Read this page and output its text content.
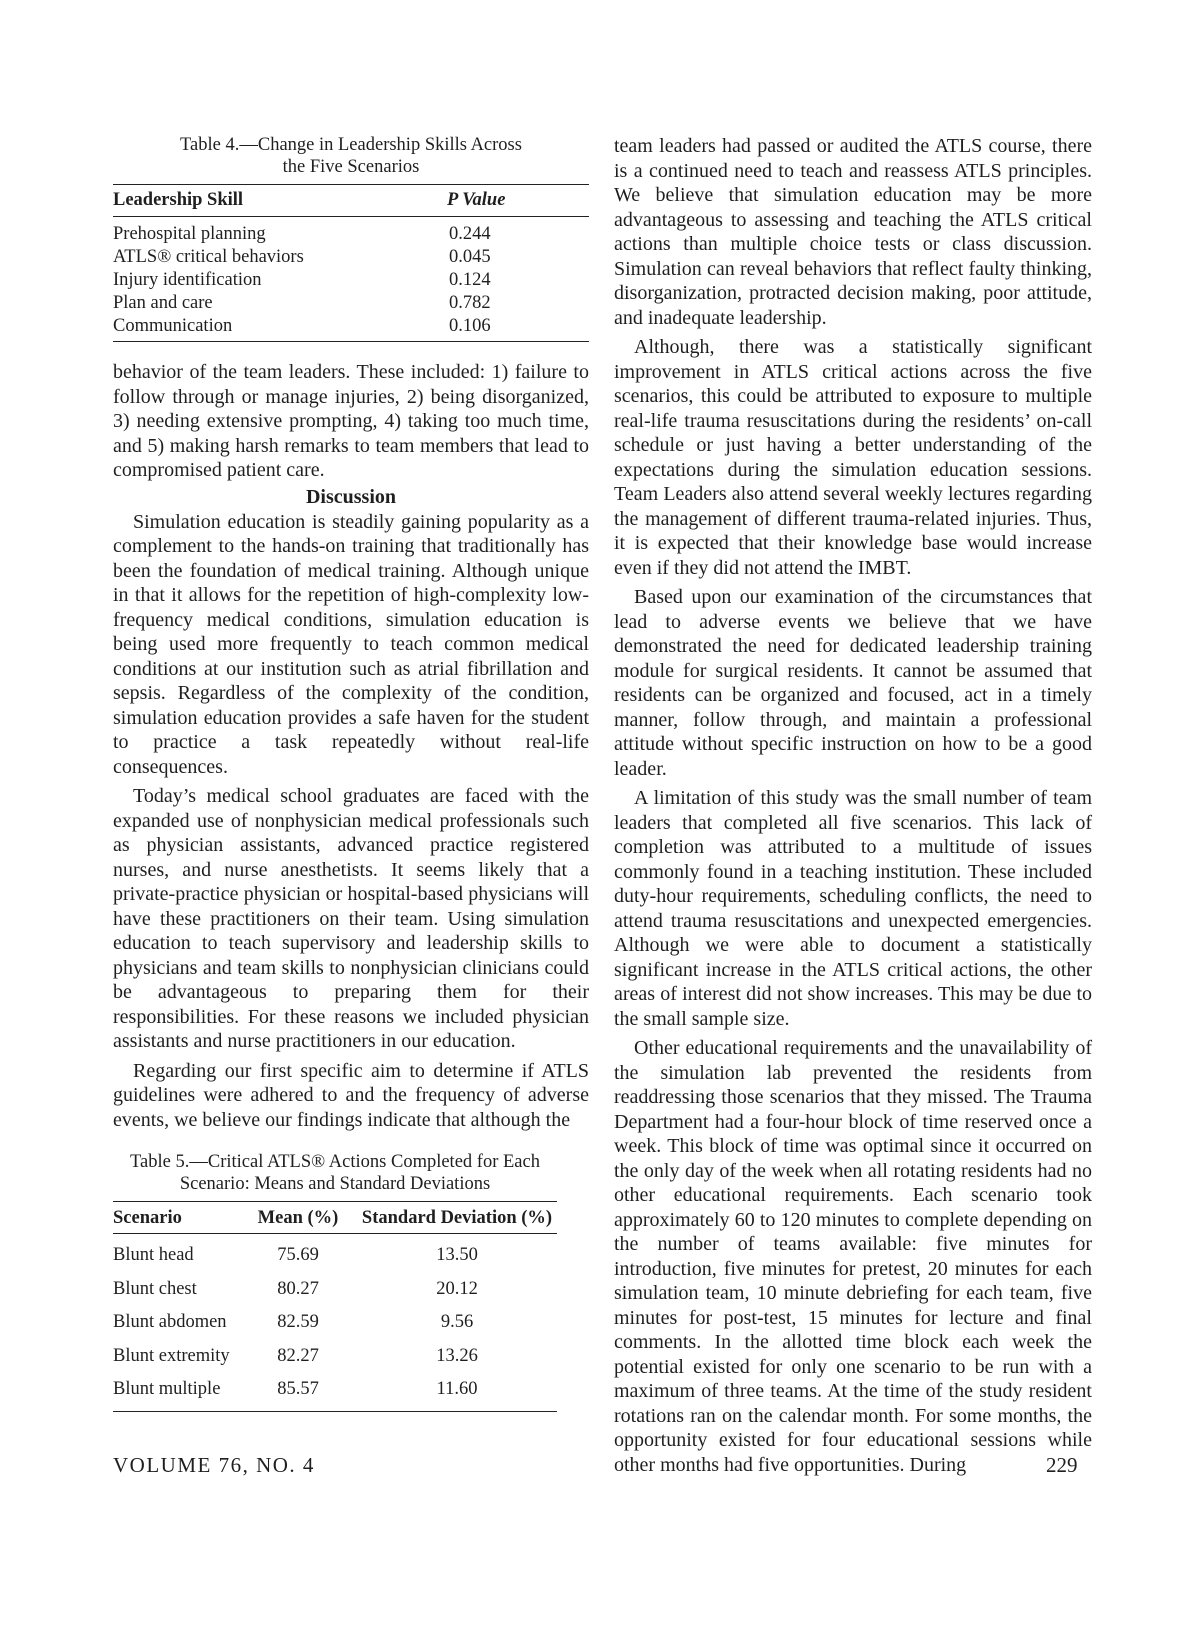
Table 4.—Change in Leadership Skills Across

the Five Scenarios

Leadership Skill	P Value
Prehospital planning	0.244
ATLS® critical behaviors	0.045
Injury identification	0.124
Plan and care	0.782
Communication	0.106

behavior of the team leaders. These included: 1) failure to follow through or manage injuries, 2) being disorganized, 3) needing extensive prompting, 4) taking too much time, and 5) making harsh remarks to team members that lead to compromised patient care.

Discussion

Simulation education is steadily gaining popularity as a complement to the hands-on training that traditionally has been the foundation of medical training. Although unique in that it allows for the repetition of high-complexity low-frequency medical conditions, simulation education is being used more frequently to teach common medical conditions at our institution such as atrial fibrillation and sepsis. Regardless of the complexity of the condition, simulation education provides a safe haven for the student to practice a task repeatedly without real-life consequences.

Today’s medical school graduates are faced with the expanded use of nonphysician medical professionals such as physician assistants, advanced practice registered nurses, and nurse anesthetists. It seems likely that a private-practice physician or hospital-based physicians will have these practitioners on their team. Using simulation education to teach supervisory and leadership skills to physicians and team skills to nonphysician clinicians could be advantageous to preparing them for their responsibilities. For these reasons we included physician assistants and nurse practitioners in our education.

Regarding our first specific aim to determine if ATLS guidelines were adhered to and the frequency of adverse events, we believe our findings indicate that although the

Table 5.—Critical ATLS® Actions Completed for Each

Scenario: Means and Standard Deviations

Scenario	Mean (%)	Standard Deviation (%)
Blunt head	75.69	13.50
Blunt chest	80.27	20.12
Blunt abdomen	82.59	9.56
Blunt extremity	82.27	13.26
Blunt multiple	85.57	11.60

team leaders had passed or audited the ATLS course, there is a continued need to teach and reassess ATLS principles. We believe that simulation education may be more advantageous to assessing and teaching the ATLS critical actions than multiple choice tests or class discussion. Simulation can reveal behaviors that reflect faulty thinking, disorganization, protracted decision making, poor attitude, and inadequate leadership.

Although, there was a statistically significant improvement in ATLS critical actions across the five scenarios, this could be attributed to exposure to multiple real-life trauma resuscitations during the residents’ on-call schedule or just having a better understanding of the expectations during the simulation education sessions. Team Leaders also attend several weekly lectures regarding the management of different trauma-related injuries. Thus, it is expected that their knowledge base would increase even if they did not attend the IMBT.

Based upon our examination of the circumstances that lead to adverse events we believe that we have demonstrated the need for dedicated leadership training module for surgical residents. It cannot be assumed that residents can be organized and focused, act in a timely manner, follow through, and maintain a professional attitude without specific instruction on how to be a good leader.

A limitation of this study was the small number of team leaders that completed all five scenarios. This lack of completion was attributed to a multitude of issues commonly found in a teaching institution. These included duty-hour requirements, scheduling conflicts, the need to attend trauma resuscitations and unexpected emergencies. Although we were able to document a statistically significant increase in the ATLS critical actions, the other areas of interest did not show increases. This may be due to the small sample size.

Other educational requirements and the unavailability of the simulation lab prevented the residents from readdressing those scenarios that they missed. The Trauma Department had a four-hour block of time reserved once a week. This block of time was optimal since it occurred on the only day of the week when all rotating residents had no other educational requirements. Each scenario took approximately 60 to 120 minutes to complete depending on the number of teams available: five minutes for introduction, five minutes for pretest, 20 minutes for each simulation team, 10 minute debriefing for each team, five minutes for post-test, 15 minutes for lecture and final comments. In the allotted time block each week the potential existed for only one scenario to be run with a maximum of three teams. At the time of the study resident rotations ran on the calendar month. For some months, the opportunity existed for four educational sessions while other months had five opportunities. During

VOLUME 76, NO. 4	229
